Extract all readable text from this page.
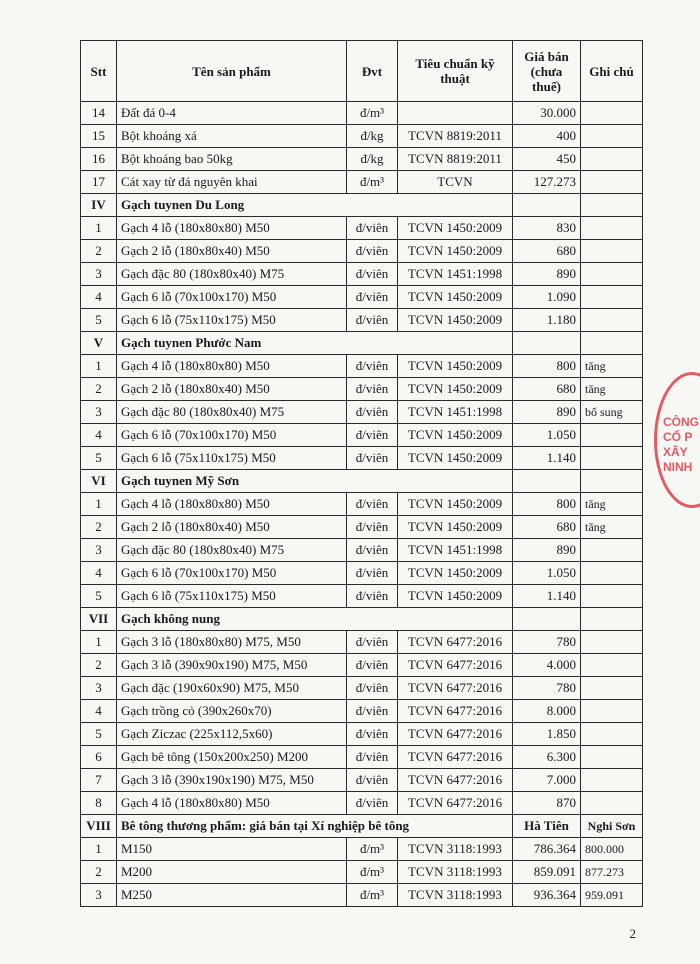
Stt	Tên sản phẩm	Đvt	Tiêu chuẩn kỹ thuật	Giá bán (chưa thuế)	Ghi chú
14	Đất đá 0-4	đ/m³		30.000	
15	Bột khoáng xá	đ/kg	TCVN 8819:2011	400	
16	Bột khoáng bao 50kg	đ/kg	TCVN 8819:2011	450	
17	Cát xay từ đá nguyên khai	đ/m³	TCVN	127.273	
IV	Gạch tuynen Du Long				
1	Gạch 4 lỗ (180x80x80) M50	đ/viên	TCVN 1450:2009	830	
2	Gạch 2 lỗ (180x80x40) M50	đ/viên	TCVN 1450:2009	680	
3	Gạch đặc 80 (180x80x40) M75	đ/viên	TCVN 1451:1998	890	
4	Gạch 6 lỗ (70x100x170) M50	đ/viên	TCVN 1450:2009	1.090	
5	Gạch 6 lỗ (75x110x175) M50	đ/viên	TCVN 1450:2009	1.180	
V	Gạch tuynen Phước Nam				
1	Gạch 4 lỗ (180x80x80) M50	đ/viên	TCVN 1450:2009	800	tăng
2	Gạch 2 lỗ (180x80x40) M50	đ/viên	TCVN 1450:2009	680	tăng
3	Gạch đặc 80 (180x80x40) M75	đ/viên	TCVN 1451:1998	890	bổ sung
4	Gạch 6 lỗ (70x100x170) M50	đ/viên	TCVN 1450:2009	1.050	
5	Gạch 6 lỗ (75x110x175) M50	đ/viên	TCVN 1450:2009	1.140	
VI	Gạch tuynen Mỹ Sơn				
1	Gạch 4 lỗ (180x80x80) M50	đ/viên	TCVN 1450:2009	800	tăng
2	Gạch 2 lỗ (180x80x40) M50	đ/viên	TCVN 1450:2009	680	tăng
3	Gạch đặc 80 (180x80x40) M75	đ/viên	TCVN 1451:1998	890	
4	Gạch 6 lỗ (70x100x170) M50	đ/viên	TCVN 1450:2009	1.050	
5	Gạch 6 lỗ (75x110x175) M50	đ/viên	TCVN 1450:2009	1.140	
VII	Gạch không nung				
1	Gạch 3 lỗ (180x80x80) M75, M50	đ/viên	TCVN 6477:2016	780	
2	Gạch 3 lỗ (390x90x190) M75, M50	đ/viên	TCVN 6477:2016	4.000	
3	Gạch đặc (190x60x90) M75, M50	đ/viên	TCVN 6477:2016	780	
4	Gạch trồng cỏ (390x260x70)	đ/viên	TCVN 6477:2016	8.000	
5	Gạch Ziczac (225x112,5x60)	đ/viên	TCVN 6477:2016	1.850	
6	Gạch bê tông (150x200x250) M200	đ/viên	TCVN 6477:2016	6.300	
7	Gạch 3 lỗ (390x190x190) M75, M50	đ/viên	TCVN 6477:2016	7.000	
8	Gạch 4 lỗ (180x80x80) M50	đ/viên	TCVN 6477:2016	870	
VIII	Bê tông thương phẩm: giá bán tại Xí nghiệp bê tông			Hà Tiên	Nghi Sơn
1	M150	đ/m³	TCVN 3118:1993	786.364	800.000
2	M200	đ/m³	TCVN 3118:1993	859.091	877.273
3	M250	đ/m³	TCVN 3118:1993	936.364	959.091
CÔNG
CỔ P
XÂY
NINH
2
